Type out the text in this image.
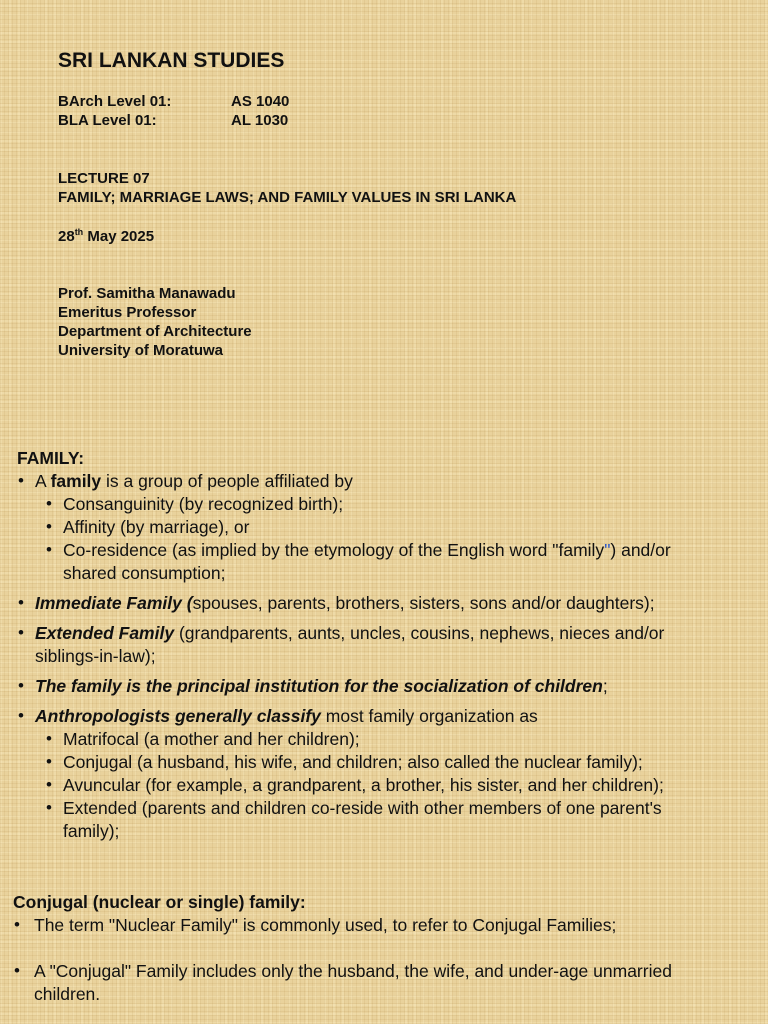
SRI LANKAN STUDIES
BArch Level 01:	AS 1040
BLA Level 01:	AL 1030
LECTURE 07
FAMILY; MARRIAGE LAWS; AND FAMILY VALUES IN SRI LANKA
28th May 2025
Prof. Samitha Manawadu
Emeritus Professor
Department of Architecture
University of Moratuwa
FAMILY:
• A family is a group of people affiliated by
• Consanguinity (by recognized birth);
• Affinity (by marriage), or
• Co-residence (as implied by the etymology of the English word "family") and/or
shared consumption;
• Immediate Family (spouses, parents, brothers, sisters, sons and/or daughters);
• Extended Family (grandparents, aunts, uncles, cousins, nephews, nieces and/or
siblings-in-law);
• The family is the principal institution for the socialization of children;
• Anthropologists generally classify most family organization as
• Matrifocal (a mother and her children);
• Conjugal (a husband, his wife, and children; also called the nuclear family);
• Avuncular (for example, a grandparent, a brother, his sister, and her children);
• Extended (parents and children co-reside with other members of one parent's
family);
Conjugal (nuclear or single) family:
• The term "Nuclear Family" is commonly used, to refer to Conjugal Families;
• A "Conjugal" Family includes only the husband, the wife, and under-age unmarried
children.
